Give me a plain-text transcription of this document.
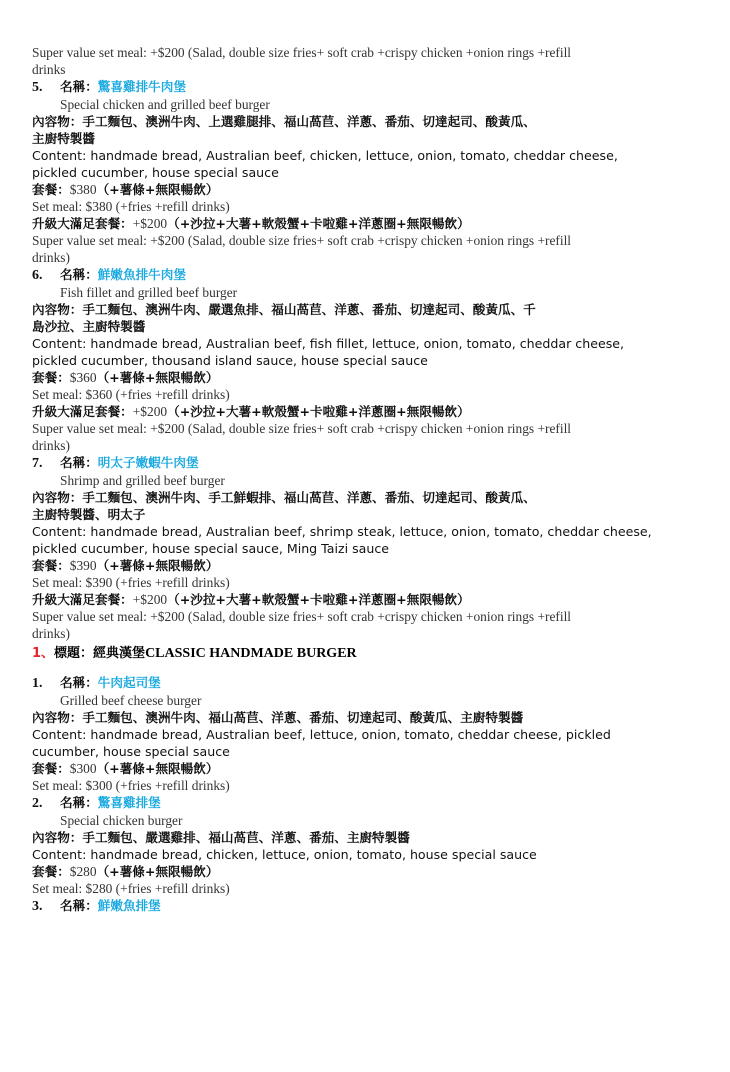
Super value set meal: +$200 (Salad, double size fries+ soft crab +crispy chicken +onion rings +refill
drinks
5. 名稱：驚喜雞排牛肉堡
Special chicken and grilled beef burger
內容物：手工麵包、澳洲牛肉、上選雞腿排、福山萵苣、洋蔥、番茄、切達起司、酸黃瓜、
主廚特製醬
Content: handmade bread, Australian beef, chicken, lettuce, onion, tomato, cheddar cheese,
pickled cucumber, house special sauce
套餐：$380（+薯條+無限暢飲）
Set meal: $380 (+fries +refill drinks)
升級大滿足套餐：+$200（+沙拉+大薯+軟殼蟹+卡啦雞+洋蔥圈+無限暢飲）
Super value set meal: +$200 (Salad, double size fries+ soft crab +crispy chicken +onion rings +refill
drinks)
6. 名稱：鮮嫩魚排牛肉堡
Fish fillet and grilled beef burger
內容物：手工麵包、澳洲牛肉、嚴選魚排、福山萵苣、洋蔥、番茄、切達起司、酸黃瓜、千
島沙拉、主廚特製醬
Content: handmade bread, Australian beef, fish fillet, lettuce, onion, tomato, cheddar cheese,
pickled cucumber, thousand island sauce, house special sauce
套餐：$360（+薯條+無限暢飲）
Set meal: $360 (+fries +refill drinks)
升級大滿足套餐：+$200（+沙拉+大薯+軟殼蟹+卡啦雞+洋蔥圈+無限暢飲）
Super value set meal: +$200 (Salad, double size fries+ soft crab +crispy chicken +onion rings +refill
drinks)
7. 名稱：明太子嫩蝦牛肉堡
Shrimp and grilled beef burger
內容物：手工麵包、澳洲牛肉、手工鮮蝦排、福山萵苣、洋蔥、番茄、切達起司、酸黃瓜、
主廚特製醬、明太子
Content: handmade bread, Australian beef, shrimp steak, lettuce, onion, tomato, cheddar cheese,
pickled cucumber, house special sauce, Ming Taizi sauce
套餐：$390（+薯條+無限暢飲）
Set meal: $390 (+fries +refill drinks)
升級大滿足套餐：+$200（+沙拉+大薯+軟殼蟹+卡啦雞+洋蔥圈+無限暢飲）
Super value set meal: +$200 (Salad, double size fries+ soft crab +crispy chicken +onion rings +refill
drinks)
1、標題：經典漢堡CLASSIC HANDMADE BURGER
1. 名稱：牛肉起司堡
Grilled beef cheese burger
內容物：手工麵包、澳洲牛肉、福山萵苣、洋蔥、番茄、切達起司、酸黃瓜、主廚特製醬
Content: handmade bread, Australian beef, lettuce, onion, tomato, cheddar cheese, pickled
cucumber, house special sauce
套餐：$300（+薯條+無限暢飲）
Set meal: $300 (+fries +refill drinks)
2. 名稱：驚喜雞排堡
Special chicken burger
內容物：手工麵包、嚴選雞排、福山萵苣、洋蔥、番茄、主廚特製醬
Content: handmade bread, chicken, lettuce, onion, tomato, house special sauce
套餐：$280（+薯條+無限暢飲）
Set meal: $280 (+fries +refill drinks)
3. 名稱：鮮嫩魚排堡
